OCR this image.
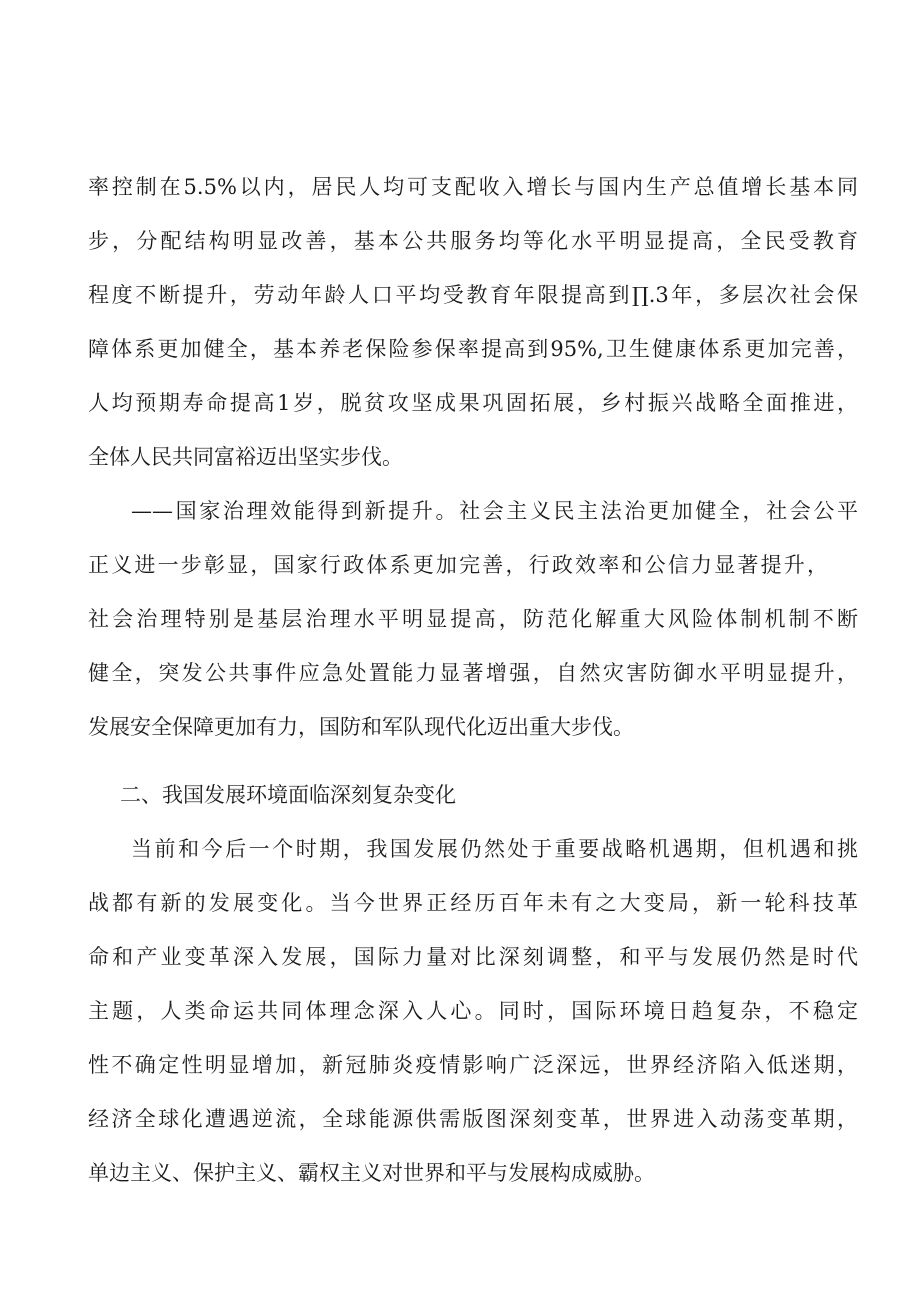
率控制在5.5%以内，居民人均可支配收入增长与国内生产总值增长基本同
步，分配结构明显改善，基本公共服务均等化水平明显提高，全民受教育
程度不断提升，劳动年龄人口平均受教育年限提高到∏.3年，多层次社会保
障体系更加健全，基本养老保险参保率提高到95%,卫生健康体系更加完善，
人均预期寿命提高1岁，脱贫攻坚成果巩固拓展，乡村振兴战略全面推进，
全体人民共同富裕迈出坚实步伐。
——国家治理效能得到新提升。社会主义民主法治更加健全，社会公平
正义进一步彰显，国家行政体系更加完善，行政效率和公信力显著提升，
社会治理特别是基层治理水平明显提高，防范化解重大风险体制机制不断
健全，突发公共事件应急处置能力显著增强，自然灾害防御水平明显提升，
发展安全保障更加有力，国防和军队现代化迈出重大步伐。
二、我国发展环境面临深刻复杂变化
当前和今后一个时期，我国发展仍然处于重要战略机遇期，但机遇和挑
战都有新的发展变化。当今世界正经历百年未有之大变局，新一轮科技革
命和产业变革深入发展，国际力量对比深刻调整，和平与发展仍然是时代
主题，人类命运共同体理念深入人心。同时，国际环境日趋复杂，不稳定
性不确定性明显增加，新冠肺炎疫情影响广泛深远，世界经济陷入低迷期，
经济全球化遭遇逆流，全球能源供需版图深刻变革，世界进入动荡变革期，
单边主义、保护主义、霸权主义对世界和平与发展构成威胁。
